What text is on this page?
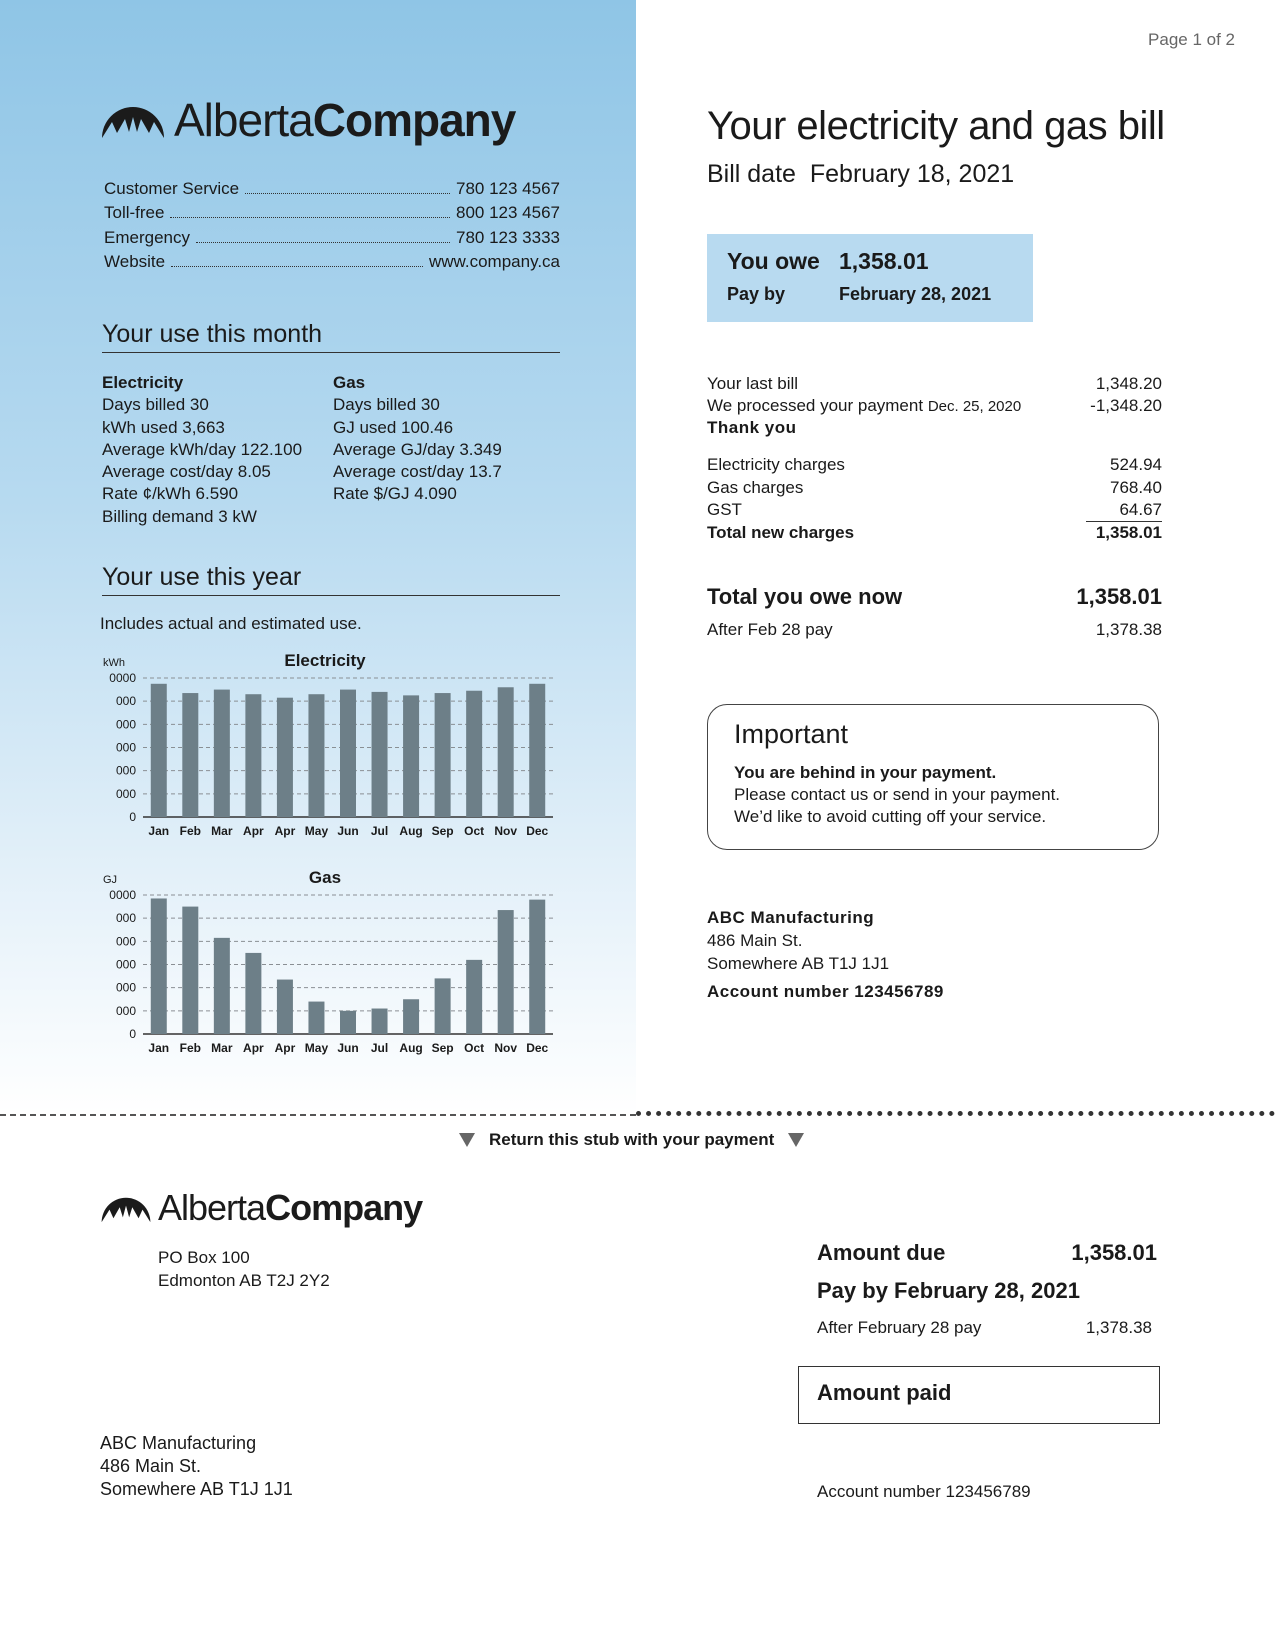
AlbertaCompany
Customer Service	780 123 4567
Toll-free	800 123 4567
Emergency	780 123 3333
Website	www.company.ca
Your use this month
Electricity
Days billed 30
kWh used 3,663
Average kWh/day 122.100
Average cost/day 8.05
Rate ¢/kWh 6.590
Billing demand 3 kW
Gas
Days billed 30
GJ used 100.46
Average GJ/day 3.349
Average cost/day 13.7
Rate $/GJ 4.090
Your use this year
Includes actual and estimated use.
Electricity
kWh
0
000
000
000
000
000
0000
Jan Feb Mar Apr Apr May Jun Jul Aug Sep Oct Nov Dec
Gas
GJ
0
000
000
000
000
000
0000
Jan Feb Mar Apr Apr May Jun Jul Aug Sep Oct Nov Dec
Page 1 of 2
Your electricity and gas bill
Bill date February 18, 2021
You owe 1,358.01
Pay by	February 28, 2021
Your last bill	1,348.20
We processed your payment Dec. 25, 2020	-1,348.20
Thank you
Electricity charges	524.94
Gas charges	768.40
GST	64.67
Total new charges	1,358.01
Total you owe now	1,358.01
After Feb 28 pay	1,378.38
Important
You are behind in your payment.
Please contact us or send in your payment.
We’d like to avoid cutting off your service.
ABC Manufacturing
486 Main St.
Somewhere AB T1J 1J1
Account number 123456789
Return this stub with your payment
AlbertaCompany
PO Box 100
Edmonton AB T2J 2Y2
Amount due	1,358.01
Pay by February 28, 2021
After February 28 pay	1,378.38
Amount paid
Account number 123456789
ABC Manufacturing
486 Main St.
Somewhere AB T1J 1J1
